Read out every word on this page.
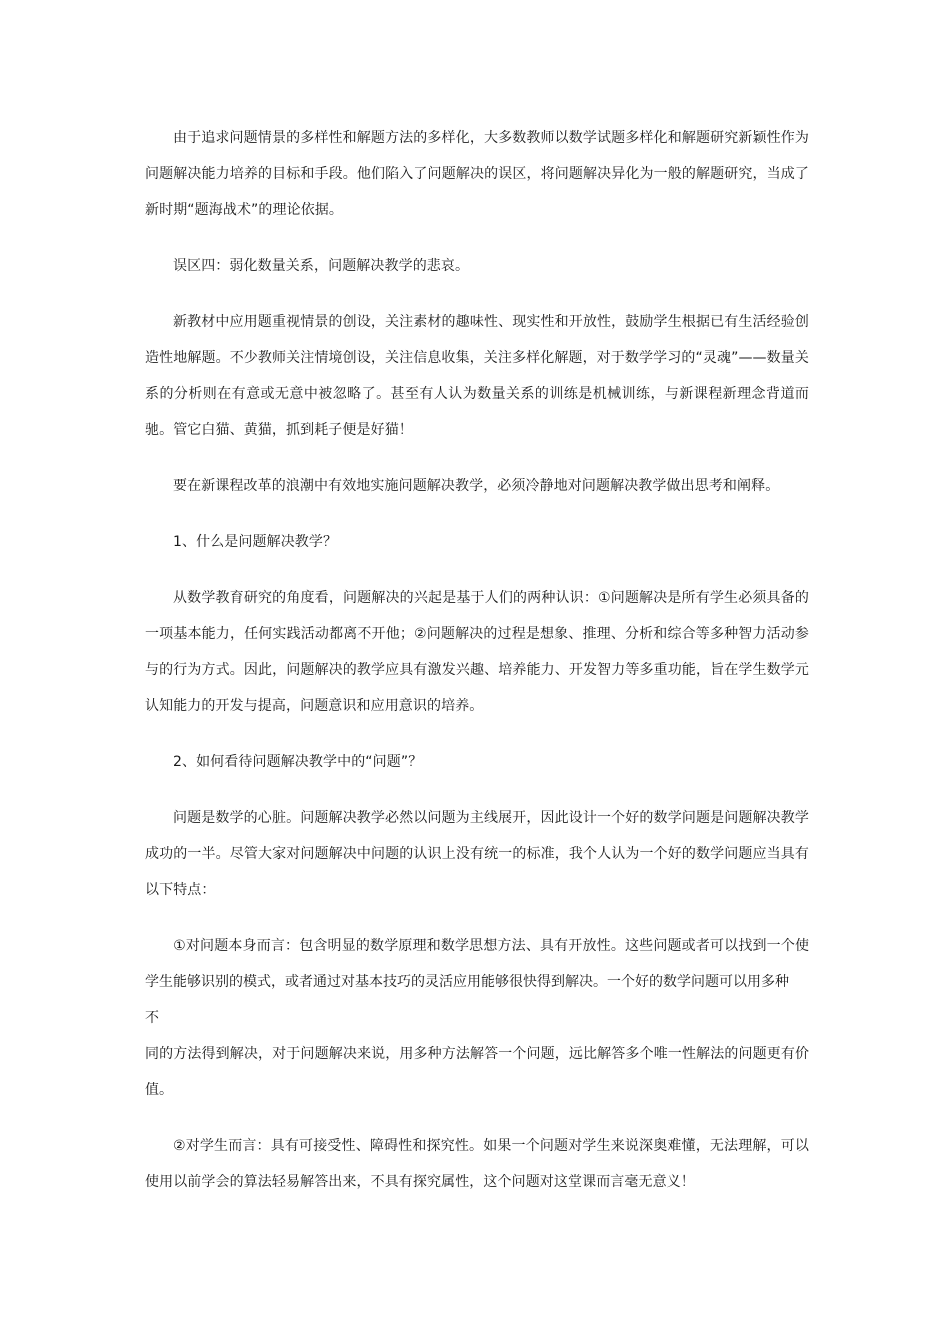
由于追求问题情景的多样性和解题方法的多样化，大多数教师以数学试题多样化和解题研究新颖性作为问题解决能力培养的目标和手段。他们陷入了问题解决的误区，将问题解决异化为一般的解题研究，当成了新时期“题海战术”的理论依据。

误区四：弱化数量关系，问题解决教学的悲哀。

新教材中应用题重视情景的创设，关注素材的趣味性、现实性和开放性，鼓励学生根据已有生活经验创造性地解题。不少教师关注情境创设，关注信息收集，关注多样化解题，对于数学学习的“灵魂”——数量关系的分析则在有意或无意中被忽略了。甚至有人认为数量关系的训练是机械训练，与新课程新理念背道而驰。管它白猫、黄猫，抓到耗子便是好猫！

要在新课程改革的浪潮中有效地实施问题解决教学，必须冷静地对问题解决教学做出思考和阐释。

1、什么是问题解决教学？

从数学教育研究的角度看，问题解决的兴起是基于人们的两种认识：①问题解决是所有学生必须具备的一项基本能力，任何实践活动都离不开他；②问题解决的过程是想象、推理、分析和综合等多种智力活动参与的行为方式。因此，问题解决的教学应具有激发兴趣、培养能力、开发智力等多重功能，旨在学生数学元认知能力的开发与提高，问题意识和应用意识的培养。

2、如何看待问题解决教学中的“问题”？

问题是数学的心脏。问题解决教学必然以问题为主线展开，因此设计一个好的数学问题是问题解决教学成功的一半。尽管大家对问题解决中问题的认识上没有统一的标准，我个人认为一个好的数学问题应当具有以下特点：

①对问题本身而言：包含明显的数学原理和数学思想方法、具有开放性。这些问题或者可以找到一个使学生能够识别的模式，或者通过对基本技巧的灵活应用能够很快得到解决。一个好的数学问题可以用多种

不

同的方法得到解决，对于问题解决来说，用多种方法解答一个问题，远比解答多个唯一性解法的问题更有价值。

②对学生而言：具有可接受性、障碍性和探究性。如果一个问题对学生来说深奥难懂，无法理解，可以使用以前学会的算法轻易解答出来，不具有探究属性，这个问题对这堂课而言毫无意义！
